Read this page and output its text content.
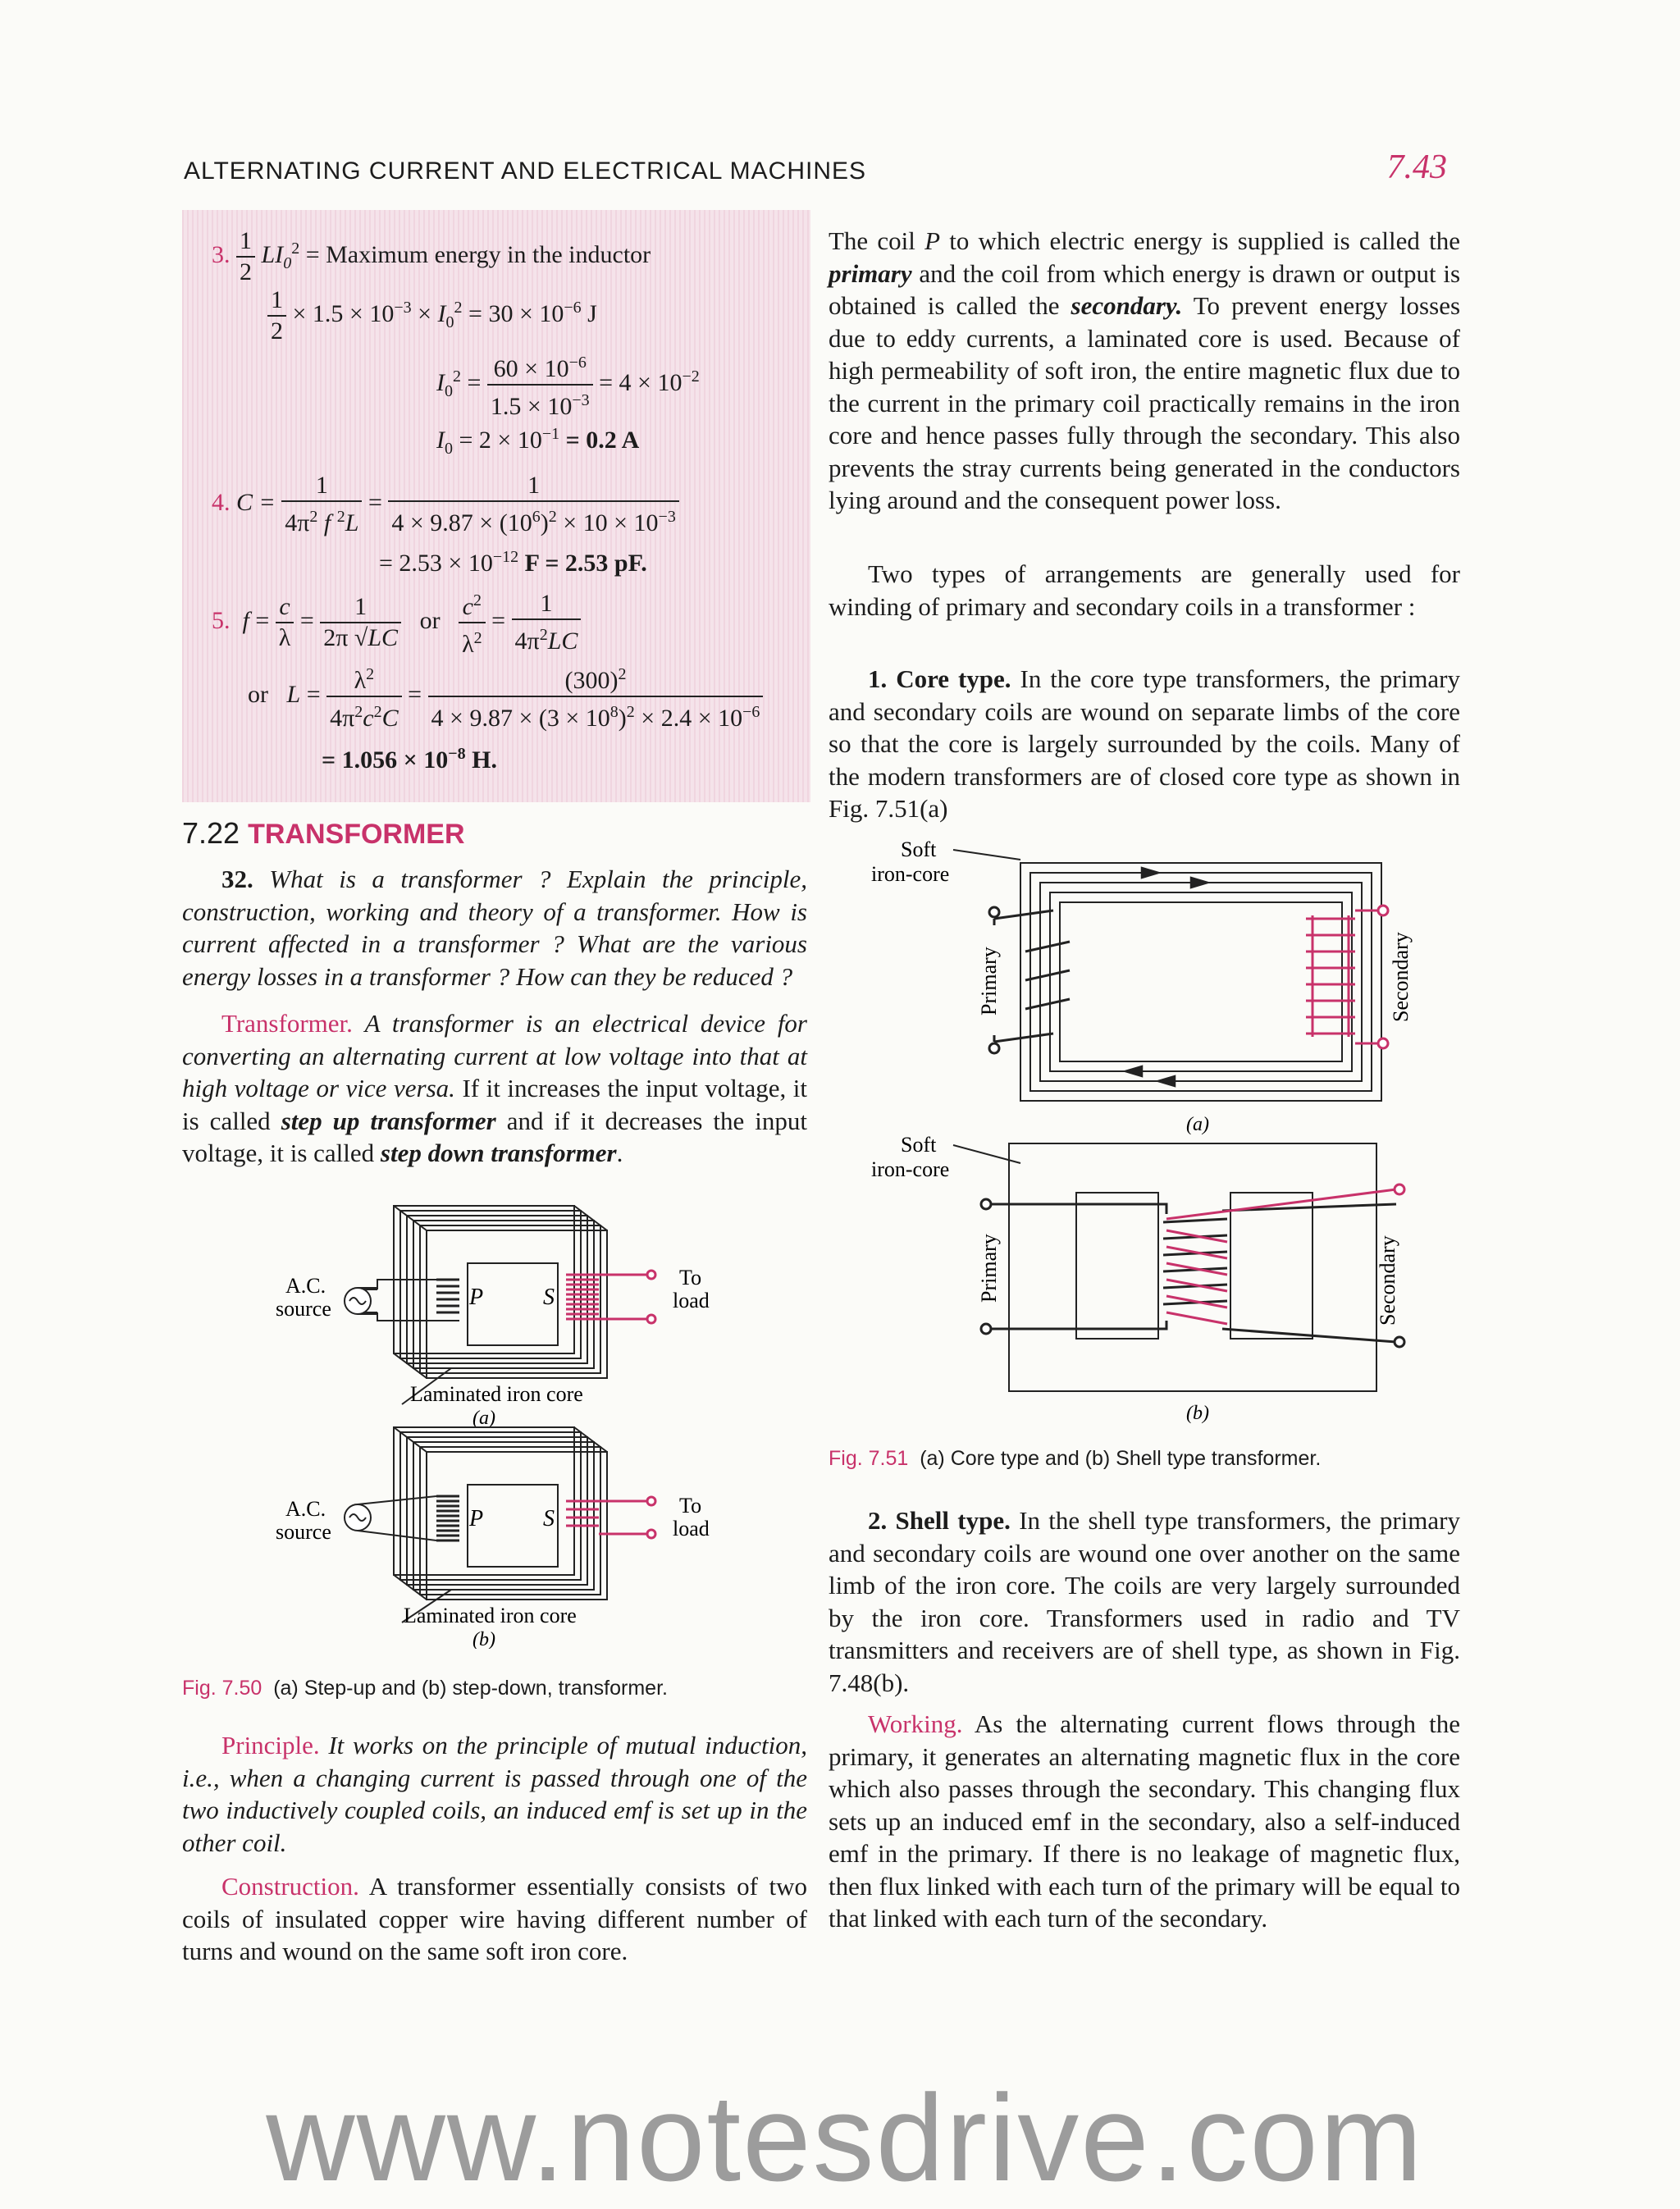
ALTERNATING CURRENT AND ELECTRICAL MACHINES	7.43
3. $\frac{1}{2} LI_0^2$ = Maximum energy in the inductor
$\frac{1}{2} \times 1.5 \times 10^{-3} \times I_0^2 = 30 \times 10^{-6}$ J
$I_0^2 = \frac{60 \times 10^{-6}}{1.5 \times 10^{-3}} = 4 \times 10^{-2}$
$I_0 = 2 \times 10^{-1} = 0.2$ A
4. $C = \frac{1}{4\pi^2 f ^2L} = \frac{1}{4 \times 9.87 \times (10^6)^2 \times 10 \times 10^{-3}}$
= $2.53 \times 10^{-12}$ F = 2.53 pF.
5. $f = \frac{c}{\lambda} = \frac{1}{2\pi √LC}$ or $\frac{c^2}{\lambda^2} = \frac{1}{4\pi^2LC}$
or $L = \frac{\lambda^2}{4\pi^2c^2C} = \frac{(300)^2}{4 \times 9.87 \times (3 \times 10^8)^2 \times 2.4 \times 10^{-6}}$
= $1.056 \times 10^{-8}$ H.
7.22 TRANSFORMER

32. What is a transformer ? Explain the principle, construction, working and theory of a transformer. How is current affected in a transformer ? What are the various energy losses in a transformer ? How can they be reduced ?

Transformer. A transformer is an electrical device for converting an alternating current at low voltage into that at high voltage or vice versa. If it increases the input voltage, it is called step up transformer and if it decreases the input voltage, it is called step down transformer.

P	S
A.C.
source
To
load
Laminated iron core
(a)
P	S
A.C.
source
To
load
Laminated iron core
(b)
Fig. 7.50 (a) Step-up and (b) step-down, transformer.

Principle. It works on the principle of mutual induction, i.e., when a changing current is passed through one of the two inductively coupled coils, an induced emf is set up in the other coil.

Construction. A transformer essentially consists of two coils of insulated copper wire having different number of turns and wound on the same soft iron core.

The coil P to which electric energy is supplied is called the primary and the coil from which energy is drawn or output is obtained is called the secondary. To prevent energy losses due to eddy currents, a laminated core is used. Because of high permeability of soft iron, the entire magnetic flux due to the current in the primary coil practically remains in the iron core and hence passes fully through the secondary. This also prevents the stray currents being generated in the conductors lying around and the consequent power loss.

Two types of arrangements are generally used for winding of primary and secondary coils in a transformer :

1. Core type. In the core type transformers, the primary and secondary coils are wound on separate limbs of the core so that the core is largely surrounded by the coils. Many of the modern transformers are of closed core type as shown in Fig. 7.51(a)

Soft
iron-core
Primary	Secondary
(a)
Soft
iron-core
Primary	Secondary
(b)
Fig. 7.51 (a) Core type and (b) Shell type transformer.

2. Shell type. In the shell type transformers, the primary and secondary coils are wound one over another on the same limb of the iron core. The coils are very largely surrounded by the iron core. Transformers used in radio and TV transmitters and receivers are of shell type, as shown in Fig. 7.48(b).

Working. As the alternating current flows through the primary, it generates an alternating magnetic flux in the core which also passes through the secondary. This changing flux sets up an induced emf in the secondary, also a self-induced emf in the primary. If there is no leakage of magnetic flux, then flux linked with each turn of the primary will be equal to that linked with each turn of the secondary.

www.notesdrive.com
